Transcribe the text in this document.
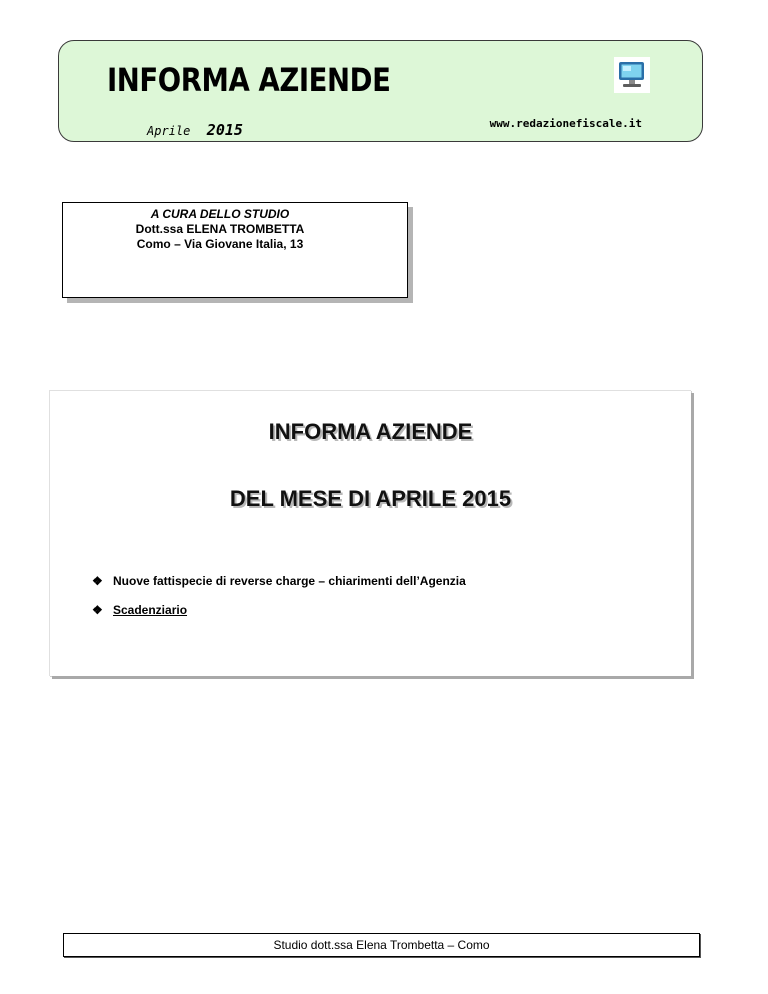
INFORMA AZIENDE
Aprile 2015	www.redazionefiscale.it
A CURA DELLO STUDIO
Dott.ssa ELENA TROMBETTA
Como – Via Giovane Italia, 13
INFORMA AZIENDE
DEL MESE DI APRILE 2015
❖ Nuove fattispecie di reverse charge – chiarimenti dell’Agenzia
❖ Scadenziario
Studio dott.ssa Elena Trombetta – Como
